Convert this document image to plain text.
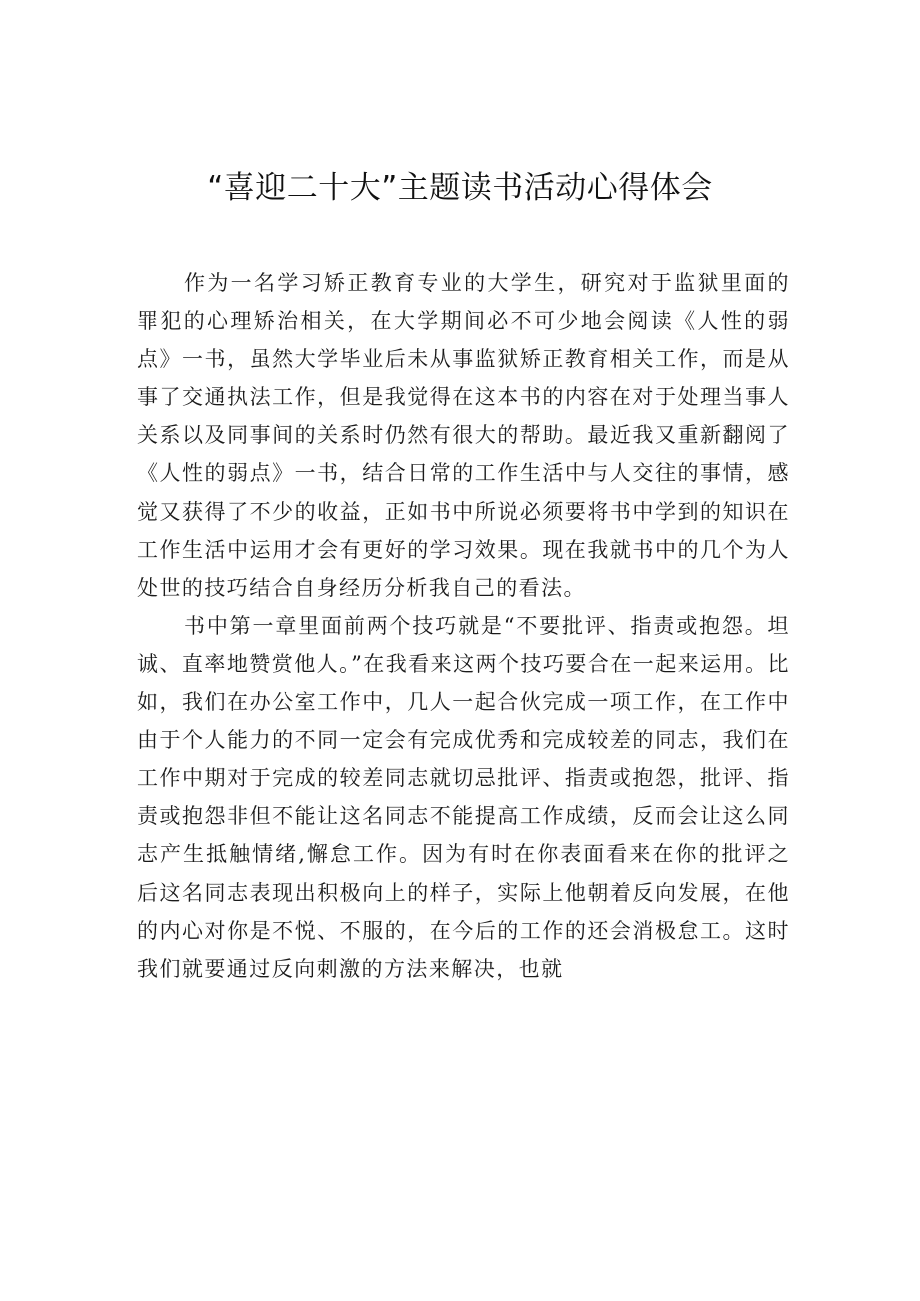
“喜迎二十大”主题读书活动心得体会

作为一名学习矫正教育专业的大学生，研究对于监狱里面的罪犯的心理矫治相关，在大学期间必不可少地会阅读《人性的弱点》一书，虽然大学毕业后未从事监狱矫正教育相关工作，而是从事了交通执法工作，但是我觉得在这本书的内容在对于处理当事人关系以及同事间的关系时仍然有很大的帮助。最近我又重新翻阅了《人性的弱点》一书，结合日常的工作生活中与人交往的事情，感觉又获得了不少的收益，正如书中所说必须要将书中学到的知识在工作生活中运用才会有更好的学习效果。现在我就书中的几个为人处世的技巧结合自身经历分析我自己的看法。

书中第一章里面前两个技巧就是“不要批评、指责或抱怨。坦诚、直率地赞赏他人。”在我看来这两个技巧要合在一起来运用。比如，我们在办公室工作中，几人一起合伙完成一项工作，在工作中由于个人能力的不同一定会有完成优秀和完成较差的同志，我们在工作中期对于完成的较差同志就切忌批评、指责或抱怨，批评、指责或抱怨非但不能让这名同志不能提高工作成绩，反而会让这么同志产生抵触情绪,懈怠工作。因为有时在你表面看来在你的批评之后这名同志表现出积极向上的样子，实际上他朝着反向发展，在他的内心对你是不悦、不服的，在今后的工作的还会消极怠工。这时我们就要通过反向刺激的方法来解决，也就
